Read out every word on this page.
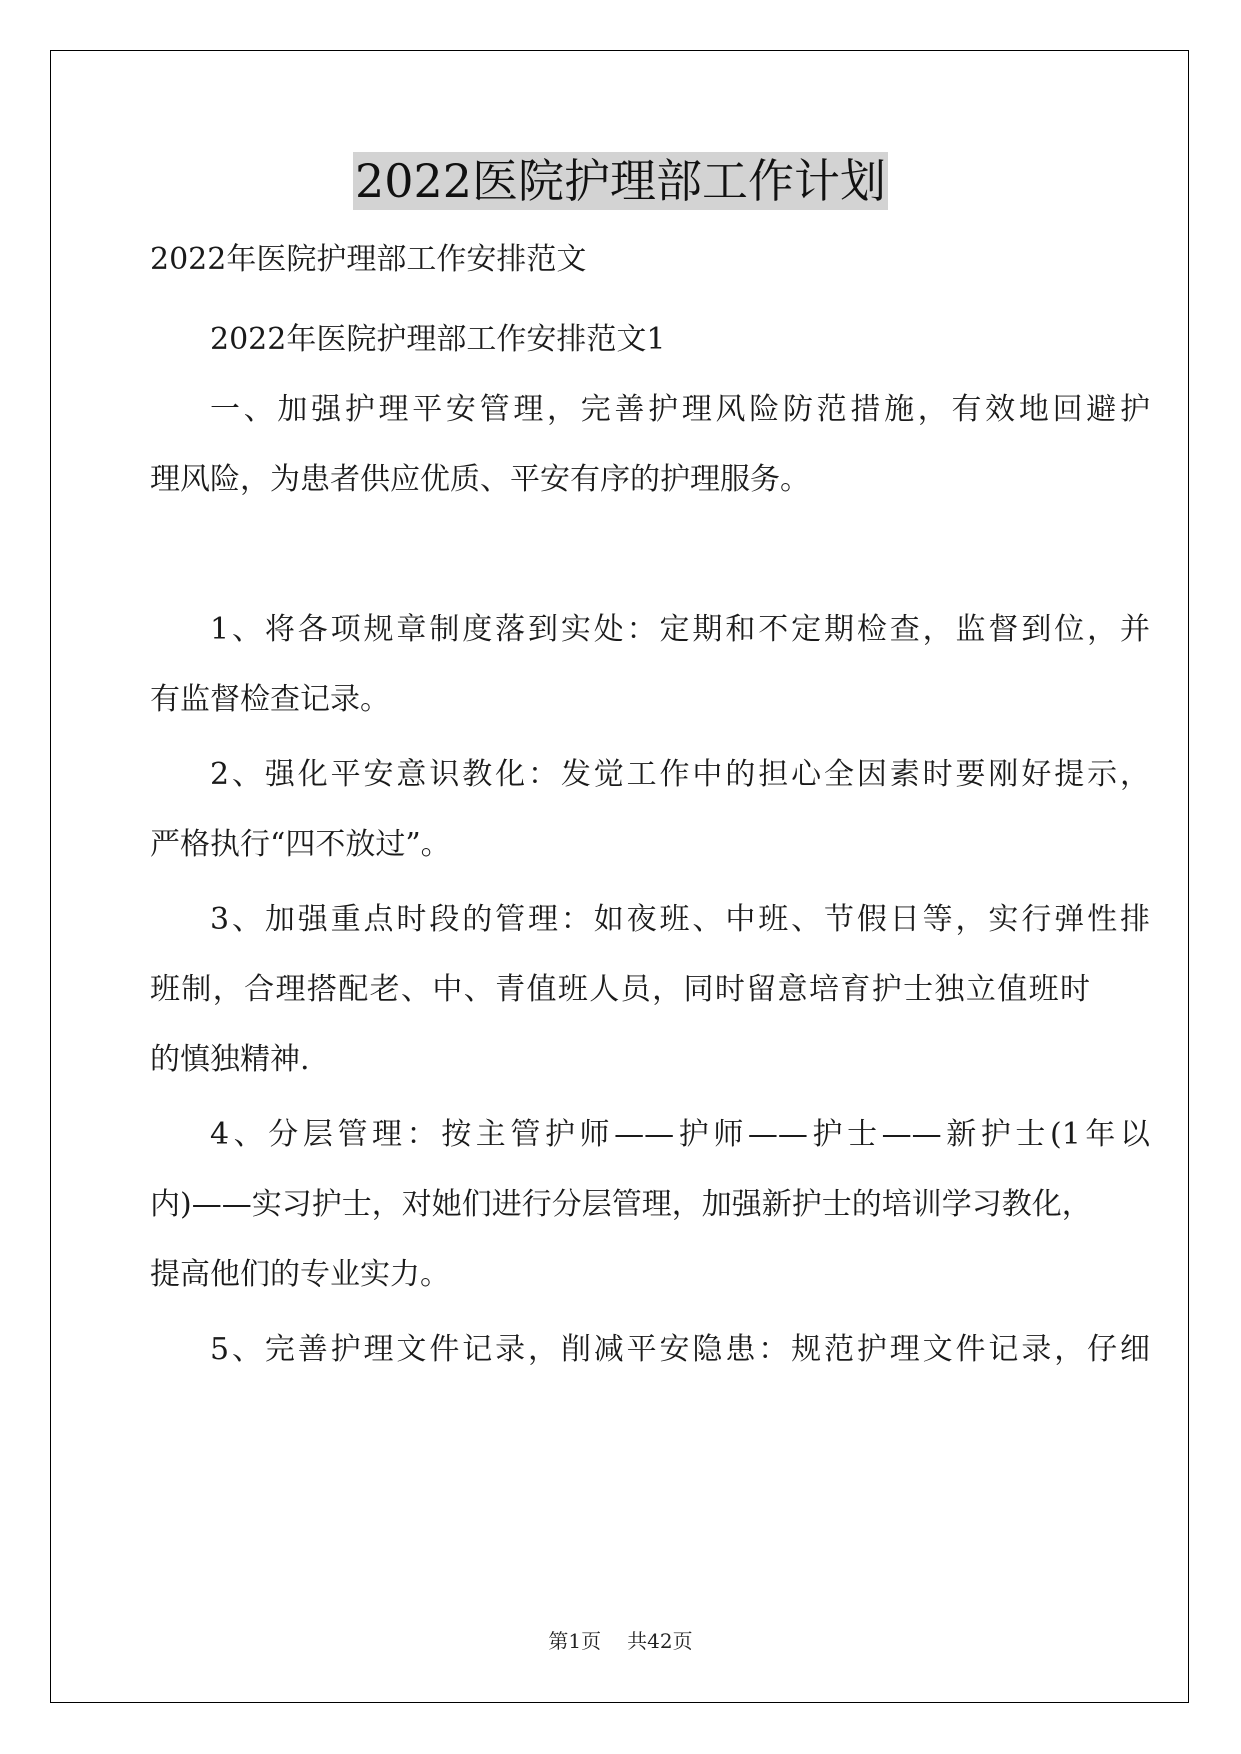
2022医院护理部工作计划
2022年医院护理部工作安排范文
2022年医院护理部工作安排范文1
一、加强护理平安管理，完善护理风险防范措施，有效地回避护
理风险，为患者供应优质、平安有序的护理服务。
1、将各项规章制度落到实处：定期和不定期检查，监督到位，并
有监督检查记录。
2、强化平安意识教化：发觉工作中的担心全因素时要刚好提示，
严格执行“四不放过”。
3、加强重点时段的管理：如夜班、中班、节假日等，实行弹性排
班制，合理搭配老、中、青值班人员，同时留意培育护士独立值班时
的慎独精神.
4、分层管理：按主管护师——护师——护士——新护士(1年以
内)——实习护士，对她们进行分层管理，加强新护士的培训学习教化，
提高他们的专业实力。
5、完善护理文件记录，削减平安隐患：规范护理文件记录，仔细
第1页 共42页
